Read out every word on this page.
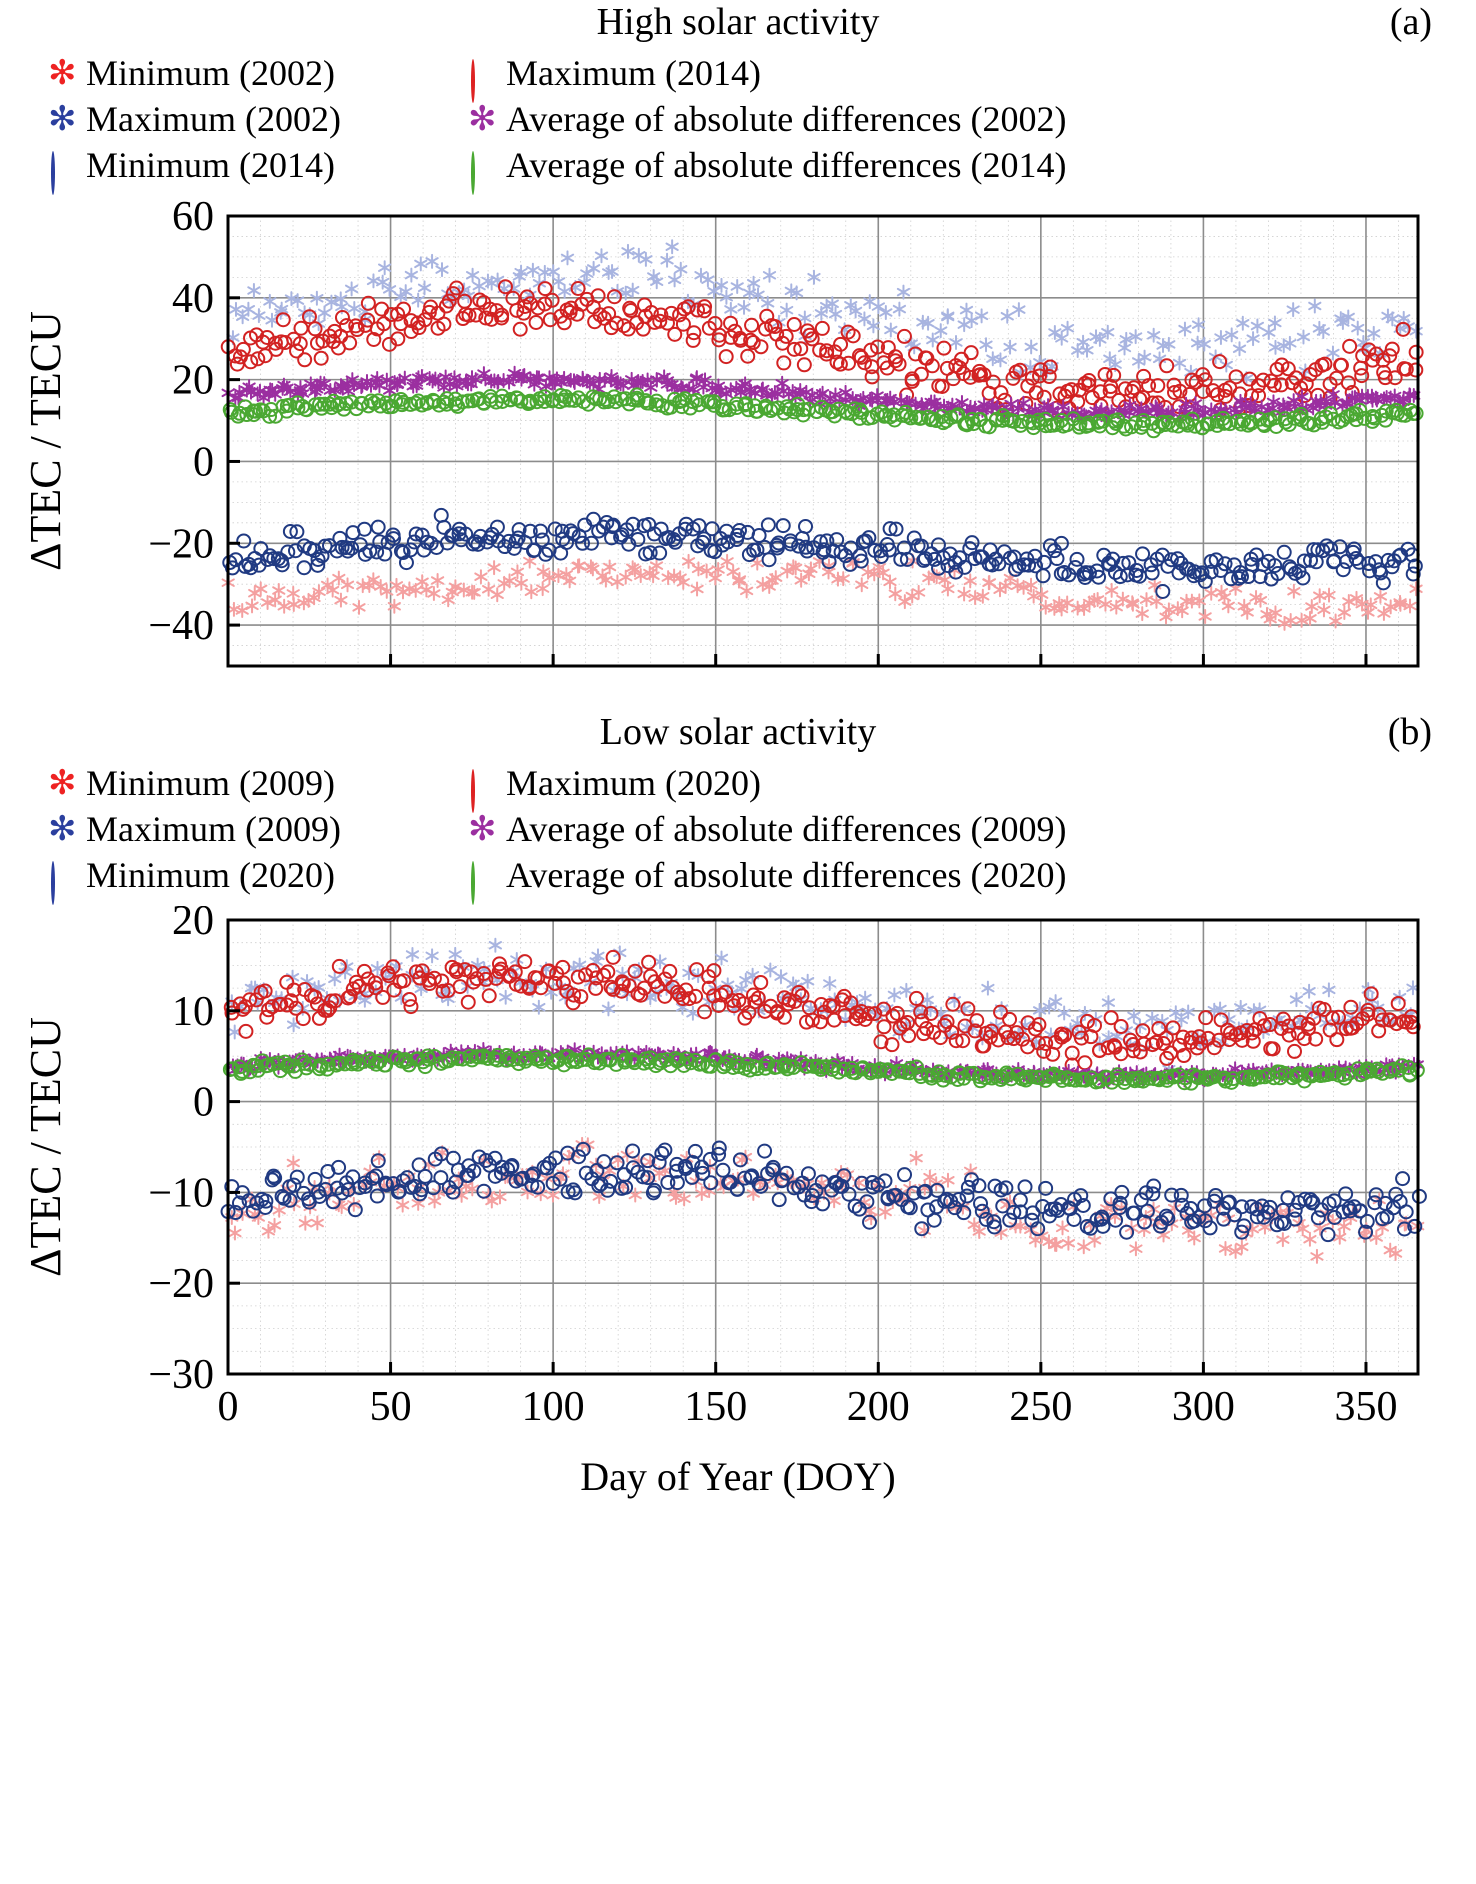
High solar activity	(a)
✻ Minimum (2002)	Maximum (2014)
✻ Maximum (2002)	✻ Average of absolute differences (2002)
Minimum (2014)	Average of absolute differences (2014)
−40
−20
0
20
40
60
ΔTEC / TECU
Low solar activity	(b)
✻ Minimum (2009)	Maximum (2020)
✻ Maximum (2009)	✻ Average of absolute differences (2009)
Minimum (2020)	Average of absolute differences (2020)
−30
−20
−10
0
10
20
0	50	100 150 200 250 300 350
ΔTEC / TECU
Day of Year (DOY)
